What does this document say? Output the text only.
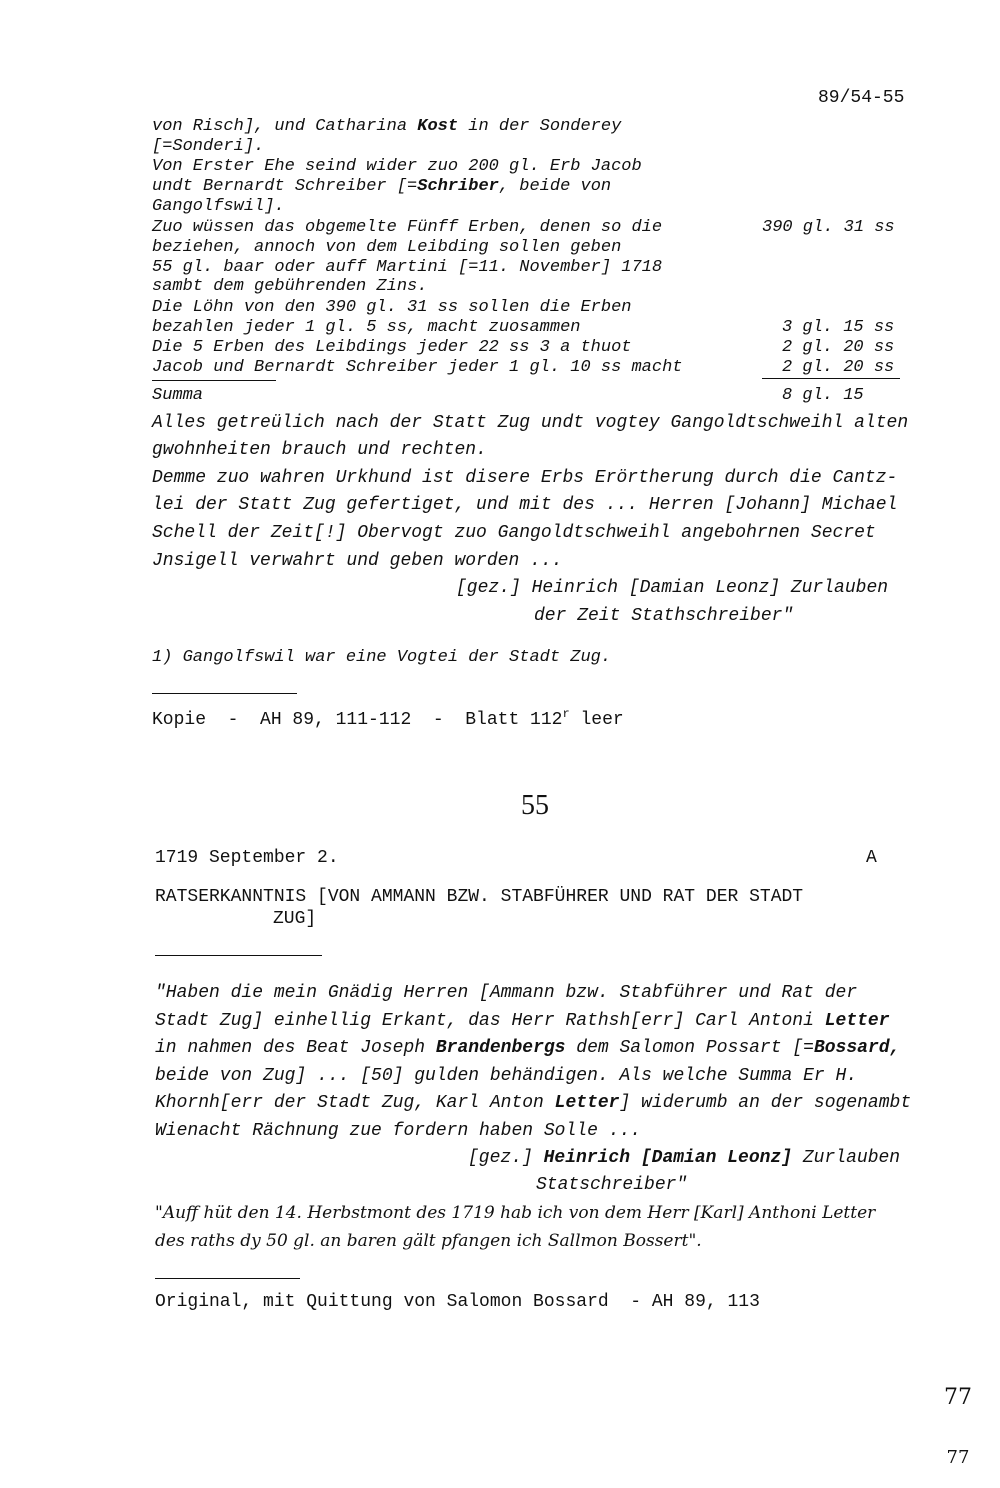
89/54-55
von Risch], und Catharina Kost in der Sonderey
[=Sonderi].
Von Erster Ehe seind wider zuo 200 gl. Erb Jacob
undt Bernardt Schreiber [=Schriber, beide von
Gangolfswil].
Zuo wüssen das obgemelte Fünff Erben, denen so die	390 gl. 31 ss
beziehen, annoch von dem Leibding sollen geben
55 gl. baar oder auff Martini [=11. November] 1718
sambt dem gebührenden Zins.
Die Löhn von den 390 gl. 31 ss sollen die Erben
bezahlen jeder 1 gl. 5 ss, macht zuosammen	3 gl. 15 ss
Die 5 Erben des Leibdings jeder 22 ss 3 a thuot	2 gl. 20 ss
Jacob und Bernardt Schreiber jeder 1 gl. 10 ss macht	2 gl. 20 ss
Summa	8 gl. 15
Alles getreülich nach der Statt Zug undt vogtey Gangoldtschweihl alten
gwohnheiten brauch und rechten.
Demme zuo wahren Urkhund ist disere Erbs Erörtherung durch die Cantz-
lei der Statt Zug gefertiget, und mit des ... Herren [Johann] Michael
Schell der Zeit[!] Obervogt zuo Gangoldtschweihl angebohrnen Secret
Jnsigell verwahrt und geben worden ...
[gez.] Heinrich [Damian Leonz] Zurlauben
der Zeit Stathschreiber"
1) Gangolfswil war eine Vogtei der Stadt Zug.
Kopie  -  AH 89, 111-112  -  Blatt 112$^r$ leer
55
1719 September 2.	A
RATSERKANNTNIS [VON AMMANN BZW. STABFÜHRER UND RAT DER STADT
ZUG]
"Haben die mein Gnädig Herren [Ammann bzw. Stabführer und Rat der
Stadt Zug] einhellig Erkant, das Herr Rathsh[err] Carl Antoni Letter
in nahmen des Beat Joseph Brandenbergs dem Salomon Possart [=Bossard,
beide von Zug] ... [50] gulden behändigen. Als welche Summa Er H.
Khornh[err der Stadt Zug, Karl Anton Letter] widerumb an der sogenambt
Wienacht Rächnung zue fordern haben Solle ...
[gez.] Heinrich [Damian Leonz] Zurlauben
Statschreiber"
"Auff hüt den 14. Herbstmont des 1719 hab ich von dem Herr [Karl] Anthoni Letter
des raths dy 50 gl. an baren gält pfangen ich Sallmon Bossert".
Original, mit Quittung von Salomon Bossard  - AH 89, 113

77

77
